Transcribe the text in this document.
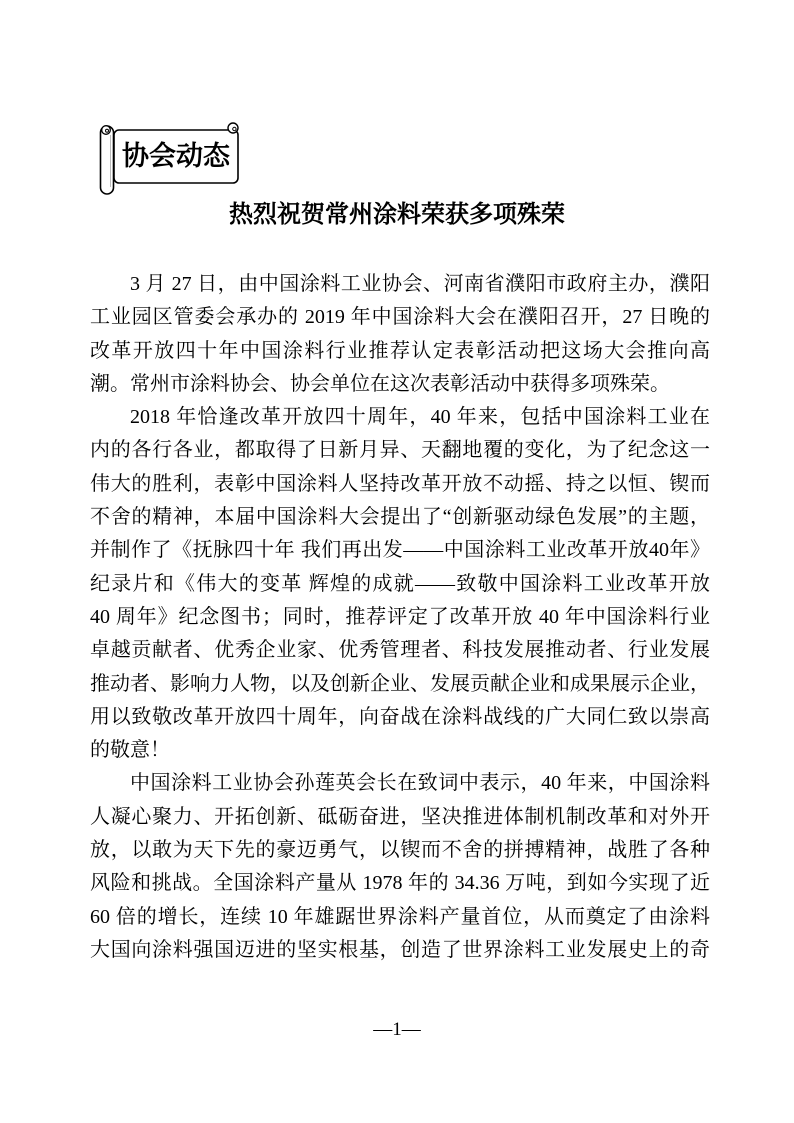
协会动态
热烈祝贺常州涂料荣获多项殊荣
3 月 27 日，由中国涂料工业协会、河南省濮阳市政府主办，濮阳
工业园区管委会承办的 2019 年中国涂料大会在濮阳召开，27 日晚的
改革开放四十年中国涂料行业推荐认定表彰活动把这场大会推向高
潮。常州市涂料协会、协会单位在这次表彰活动中获得多项殊荣。
2018 年恰逢改革开放四十周年，40 年来，包括中国涂料工业在
内的各行各业，都取得了日新月异、天翻地覆的变化，为了纪念这一
伟大的胜利，表彰中国涂料人坚持改革开放不动摇、持之以恒、锲而
不舍的精神，本届中国涂料大会提出了“创新驱动绿色发展”的主题，
并制作了《抚脉四十年 我们再出发——中国涂料工业改革开放40年》
纪录片和《伟大的变革 辉煌的成就——致敬中国涂料工业改革开放
40 周年》纪念图书；同时，推荐评定了改革开放 40 年中国涂料行业
卓越贡献者、优秀企业家、优秀管理者、科技发展推动者、行业发展
推动者、影响力人物，以及创新企业、发展贡献企业和成果展示企业，
用以致敬改革开放四十周年，向奋战在涂料战线的广大同仁致以崇高
的敬意！
中国涂料工业协会孙莲英会长在致词中表示，40 年来，中国涂料
人凝心聚力、开拓创新、砥砺奋进，坚决推进体制机制改革和对外开
放，以敢为天下先的豪迈勇气，以锲而不舍的拼搏精神，战胜了各种
风险和挑战。全国涂料产量从 1978 年的 34.36 万吨，到如今实现了近
60 倍的增长，连续 10 年雄踞世界涂料产量首位，从而奠定了由涂料
大国向涂料强国迈进的坚实根基，创造了世界涂料工业发展史上的奇
—1—
